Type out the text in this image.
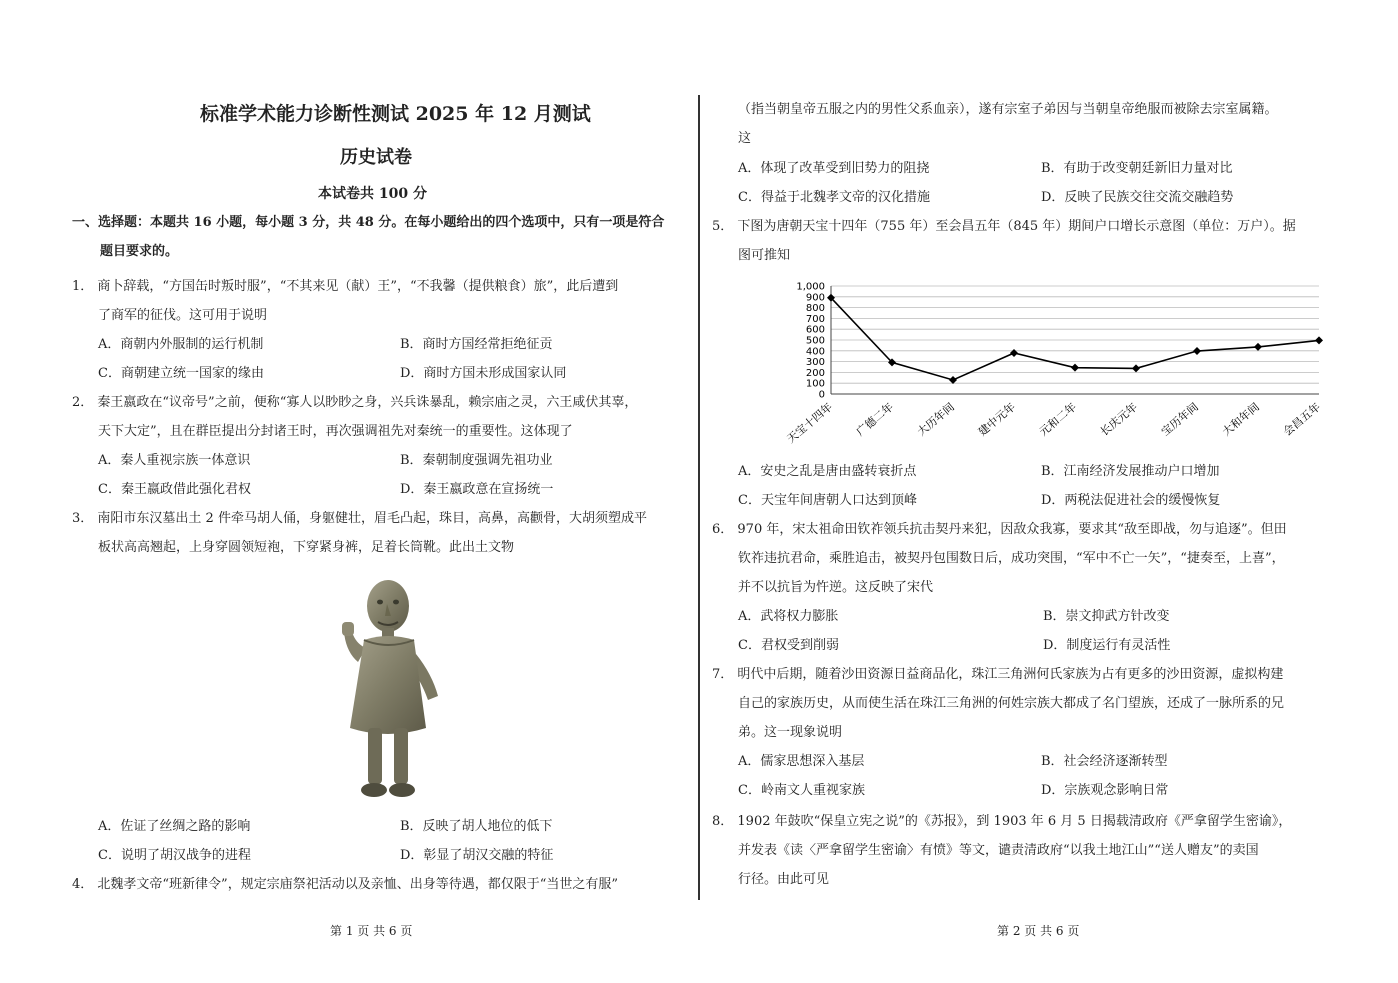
标准学术能力诊断性测试 2025 年 12 月测试
历史试卷
本试卷共 100 分
一、选择题：本题共 16 小题，每小题 3 分，共 48 分。在每小题给出的四个选项中，只有一项是符合
题目要求的。
1． 商卜辞载，“方国缶时叛时服”，“不其来见（献）王”，“不我馨（提供粮食）旅”，此后遭到
了商军的征伐。这可用于说明
A．商朝内外服制的运行机制	B．商时方国经常拒绝征贡
C．商朝建立统一国家的缘由	D．商时方国未形成国家认同
2． 秦王嬴政在“议帝号”之前，便称“寡人以眇眇之身，兴兵诛暴乱，赖宗庙之灵，六王咸伏其辜，
天下大定”，且在群臣提出分封诸王时，再次强调祖先对秦统一的重要性。这体现了
A．秦人重视宗族一体意识	B．秦朝制度强调先祖功业
C．秦王嬴政借此强化君权	D．秦王嬴政意在宣扬统一
3． 南阳市东汉墓出土 2 件牵马胡人俑，身躯健壮，眉毛凸起，珠目，高鼻，高颧骨，大胡须塑成平
板状高高翘起，上身穿圆领短袍，下穿紧身裤，足着长筒靴。此出土文物
A．佐证了丝绸之路的影响	B．反映了胡人地位的低下
C．说明了胡汉战争的进程	D．彰显了胡汉交融的特征
4． 北魏孝文帝“班新律令”，规定宗庙祭祀活动以及亲恤、出身等待遇，都仅限于“当世之有服”
第 1 页 共 6 页
（指当朝皇帝五服之内的男性父系血亲），遂有宗室子弟因与当朝皇帝绝服而被除去宗室属籍。
这
A．体现了改革受到旧势力的阻挠	B．有助于改变朝廷新旧力量对比
C．得益于北魏孝文帝的汉化措施	D．反映了民族交往交流交融趋势
5． 下图为唐朝天宝十四年（755 年）至会昌五年（845 年）期间户口增长示意图（单位：万户）。据
图可推知
0
100
200
300
400
500
600
700
800
900
1,000
天宝十四年 广德二年 大历年间 建中元年 元和二年 长庆元年 宝历年间 大和年间 会昌五年
A．安史之乱是唐由盛转衰折点	B．江南经济发展推动户口增加
C．天宝年间唐朝人口达到顶峰	D．两税法促进社会的缓慢恢复
6． 970 年，宋太祖命田钦祚领兵抗击契丹来犯，因敌众我寡，要求其“敌至即战，勿与追逐”。但田
钦祚违抗君命，乘胜追击，被契丹包围数日后，成功突围，“军中不亡一矢”，“捷奏至，上喜”，
并不以抗旨为忤逆。这反映了宋代
A．武将权力膨胀	B．崇文抑武方针改变
C．君权受到削弱	D．制度运行有灵活性
7． 明代中后期，随着沙田资源日益商品化，珠江三角洲何氏家族为占有更多的沙田资源，虚拟构建
自己的家族历史，从而使生活在珠江三角洲的何姓宗族大都成了名门望族，还成了一脉所系的兄
弟。这一现象说明
A．儒家思想深入基层	B．社会经济逐渐转型
C．岭南文人重视家族	D．宗族观念影响日常
8． 1902 年鼓吹“保皇立宪之说”的《苏报》，到 1903 年 6 月 5 日揭载清政府《严拿留学生密谕》，
并发表《读〈严拿留学生密谕〉有愤》等文，谴责清政府“以我土地江山”“送人赠友”的卖国
行径。由此可见
第 2 页 共 6 页
